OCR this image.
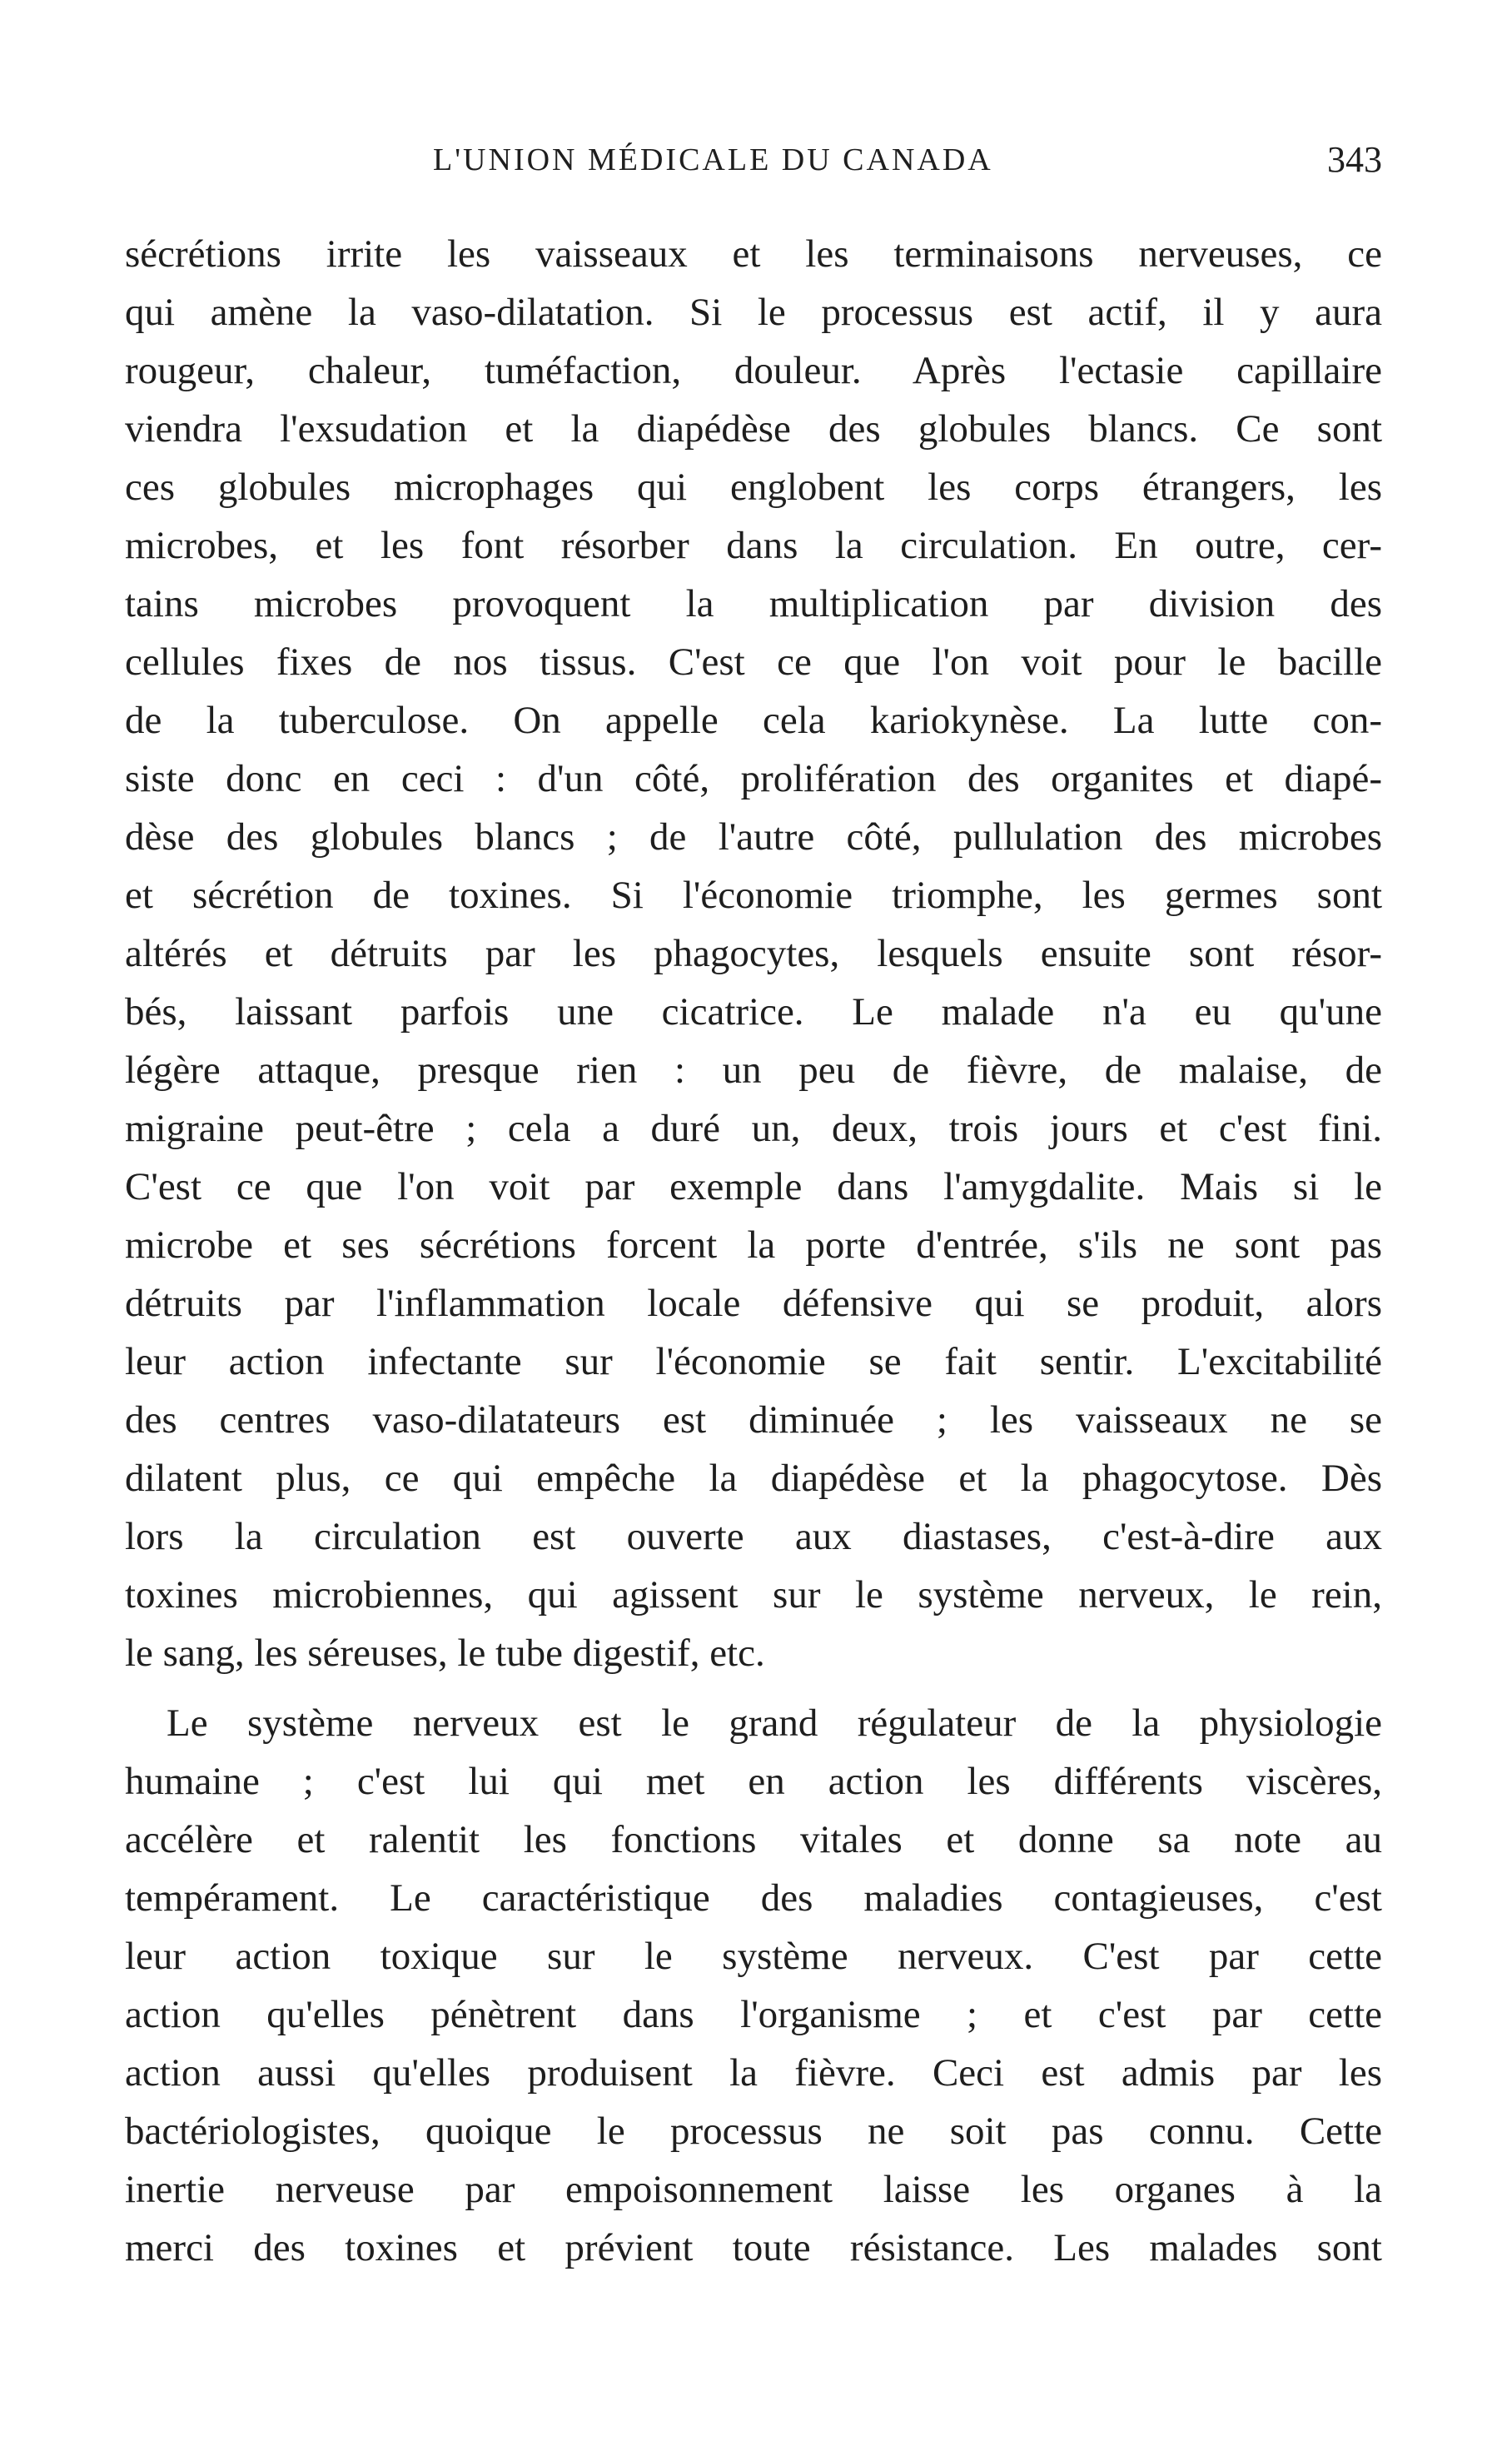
L'UNION MÉDICALE DU CANADA	343
sécrétions irrite les vaisseaux et les terminaisons nerveuses, ce
qui amène la vaso-dilatation. Si le processus est actif, il y aura
rougeur, chaleur, tuméfaction, douleur. Après l'ectasie capillaire
viendra l'exsudation et la diapédèse des globules blancs. Ce sont
ces globules microphages qui englobent les corps étrangers, les
microbes, et les font résorber dans la circulation. En outre, cer-
tains microbes provoquent la multiplication par division des
cellules fixes de nos tissus. C'est ce que l'on voit pour le bacille
de la tuberculose. On appelle cela kariokynèse. La lutte con-
siste donc en ceci : d'un côté, prolifération des organites et diapé-
dèse des globules blancs ; de l'autre côté, pullulation des microbes
et sécrétion de toxines. Si l'économie triomphe, les germes sont
altérés et détruits par les phagocytes, lesquels ensuite sont résor-
bés, laissant parfois une cicatrice. Le malade n'a eu qu'une
légère attaque, presque rien : un peu de fièvre, de malaise, de
migraine peut-être ; cela a duré un, deux, trois jours et c'est fini.
C'est ce que l'on voit par exemple dans l'amygdalite. Mais si le
microbe et ses sécrétions forcent la porte d'entrée, s'ils ne sont pas
détruits par l'inflammation locale défensive qui se produit, alors
leur action infectante sur l'économie se fait sentir. L'excitabilité
des centres vaso-dilatateurs est diminuée ; les vaisseaux ne se
dilatent plus, ce qui empêche la diapédèse et la phagocytose. Dès
lors la circulation est ouverte aux diastases, c'est-à-dire aux
toxines microbiennes, qui agissent sur le système nerveux, le rein,
le sang, les séreuses, le tube digestif, etc.
Le système nerveux est le grand régulateur de la physiologie
humaine ; c'est lui qui met en action les différents viscères,
accélère et ralentit les fonctions vitales et donne sa note au
tempérament. Le caractéristique des maladies contagieuses, c'est
leur action toxique sur le système nerveux. C'est par cette
action qu'elles pénètrent dans l'organisme ; et c'est par cette
action aussi qu'elles produisent la fièvre. Ceci est admis par les
bactériologistes, quoique le processus ne soit pas connu. Cette
inertie nerveuse par empoisonnement laisse les organes à la
merci des toxines et prévient toute résistance. Les malades sont
